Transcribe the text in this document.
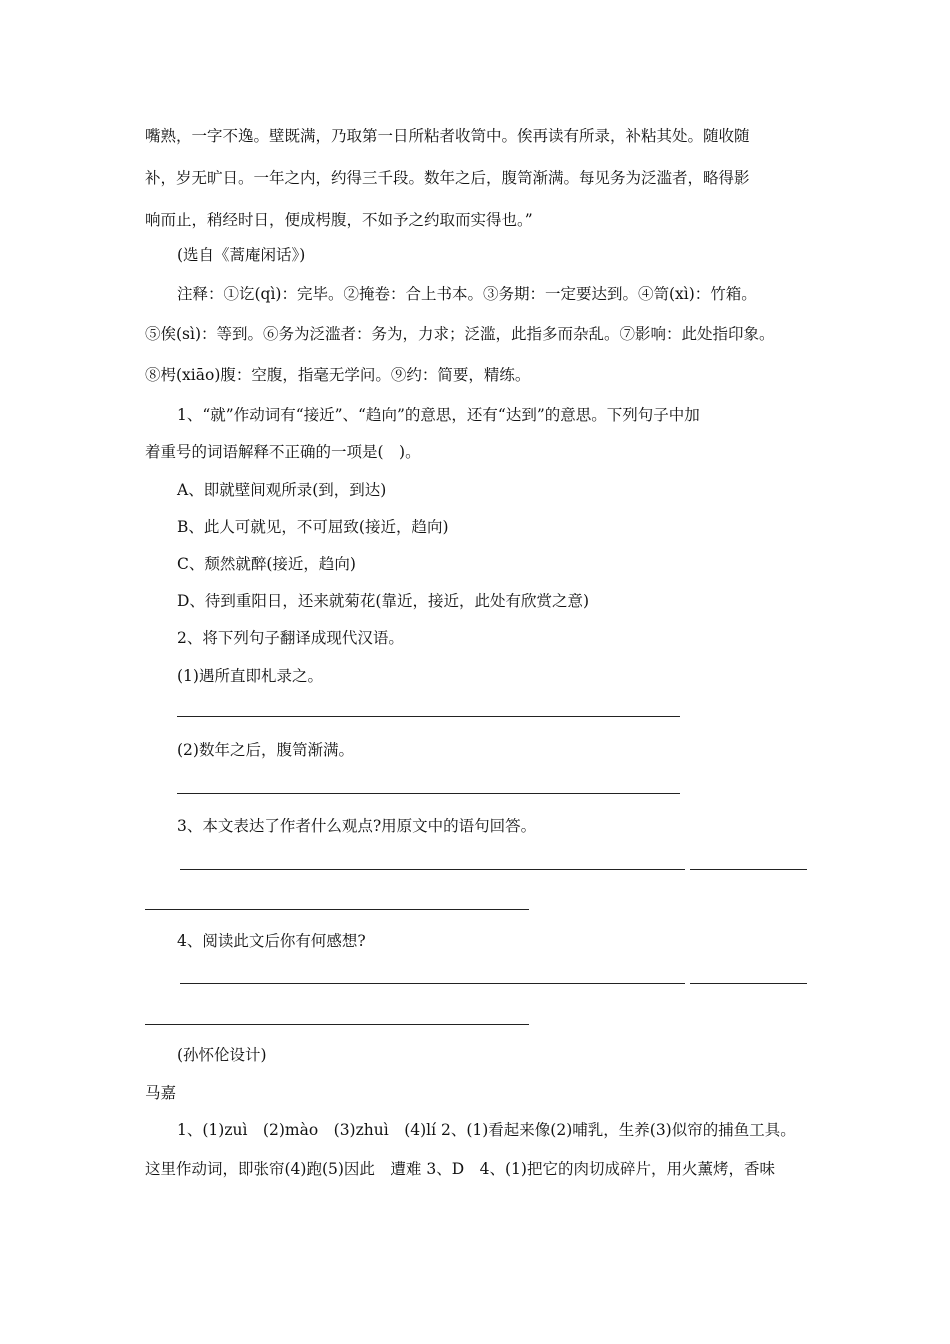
嘴熟，一字不逸。壁既满，乃取第一日所粘者收笥中。俟再读有所录，补粘其处。随收随
补，岁无旷日。一年之内，约得三千段。数年之后，腹笥渐满。每见务为泛滥者，略得影
响而止，稍经时日，便成枵腹，不如予之约取而实得也。”
(选自《蒿庵闲话》)
注释：①讫(qì)：完毕。②掩卷：合上书本。③务期：一定要达到。④笥(xì)：竹箱。
⑤俟(sì)：等到。⑥务为泛滥者：务为，力求；泛滥，此指多而杂乱。⑦影响：此处指印象。
⑧枵(xiāo)腹：空腹，指毫无学问。⑨约：简要，精练。
1、“就”作动词有“接近”、“趋向”的意思，还有“达到”的意思。下列句子中加
着重号的词语解释不正确的一项是(　)。
A、即就壁间观所录(到，到达)
B、此人可就见，不可屈致(接近，趋向)
C、颓然就醉(接近，趋向)
D、待到重阳日，还来就菊花(靠近，接近，此处有欣赏之意)
2、将下列句子翻译成现代汉语。
(1)遇所直即札录之。
(2)数年之后，腹笥渐满。
3、本文表达了作者什么观点?用原文中的语句回答。
4、阅读此文后你有何感想?
(孙怀伦设计)
马嘉
1、(1)zuì　(2)mào　(3)zhuì　(4)lí 2、(1)看起来像(2)哺乳，生养(3)似帘的捕鱼工具。
这里作动词，即张帘(4)跑(5)因此　遭难 3、D　4、(1)把它的肉切成碎片，用火薰烤，香味
